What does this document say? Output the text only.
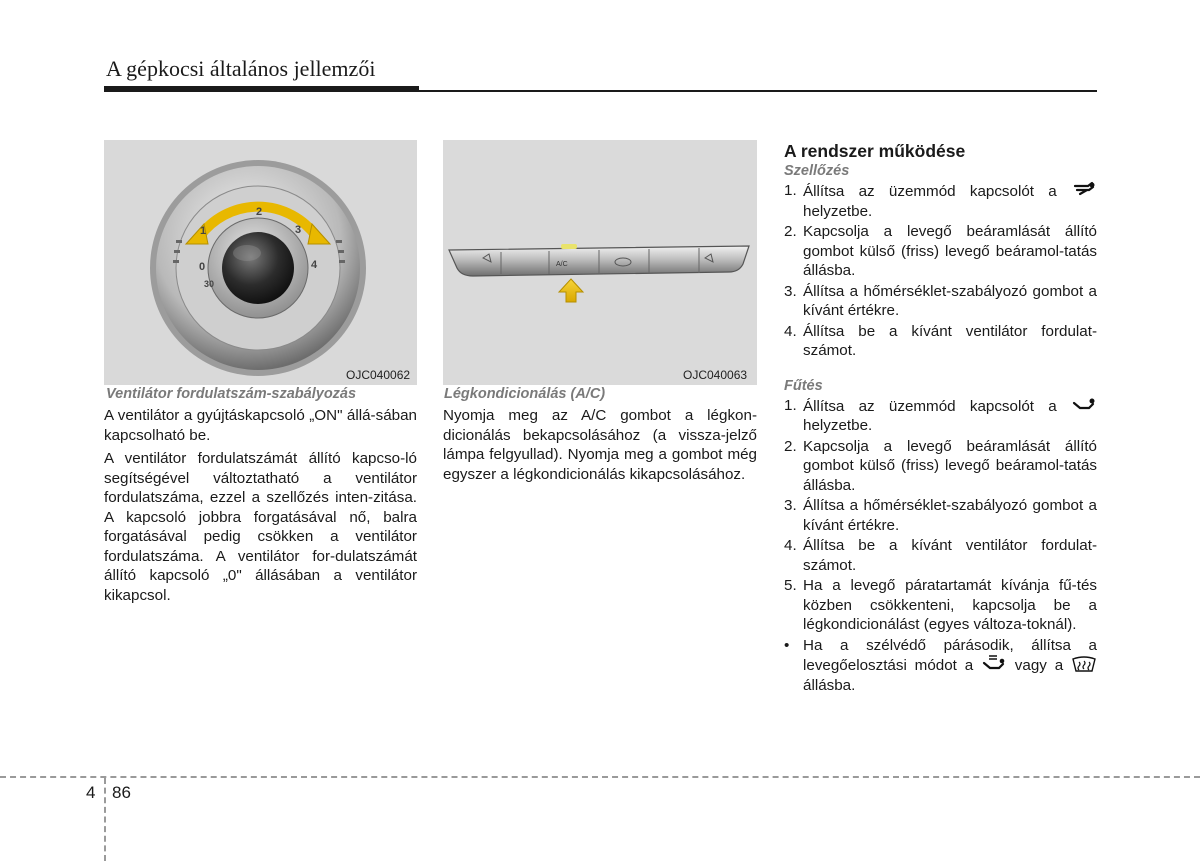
A gépkocsi általános jellemzői
1
2
3
4
0
30
OJC040062
Ventilátor fordulatszám-szabályozás

A ventilátor a gyújtáskapcsoló „ON" állá-sában kapcsolható be.

A ventilátor fordulatszámát állító kapcso-ló segítségével változtatható a ventilátor fordulatszáma, ezzel a szellőzés inten-zitása. A kapcsoló jobbra forgatásával nő, balra forgatásával pedig csökken a ventilátor fordulatszáma. A ventilátor for-dulatszámát állító kapcsoló „0" állásában a ventilátor kikapcsol.

A/C
OJC040063
Légkondicionálás (A/C)

Nyomja meg az A/C gombot a légkon-dicionálás bekapcsolásához (a vissza-jelző lámpa felgyullad). Nyomja meg a gombot még egyszer a légkondicionálás kikapcsolásához.

A rendszer működése
Szellőzés
1. Állítsa az üzemmód kapcsolót a  helyzetbe.
2. Kapcsolja a levegő beáramlását állító gombot külső (friss) levegő beáramol-tatás állásba.
3. Állítsa a hőmérséklet-szabályozó gombot a kívánt értékre.
4. Állítsa be a kívánt ventilátor fordulat-számot.
Fűtés
1. Állítsa az üzemmód kapcsolót a  helyzetbe.
2. Kapcsolja a levegő beáramlását állító gombot külső (friss) levegő beáramol-tatás állásba.
3. Állítsa a hőmérséklet-szabályozó gombot a kívánt értékre.
4. Állítsa be a kívánt ventilátor fordulat-számot.
5. Ha a levegő páratartamát kívánja fű-tés közben csökkenteni, kapcsolja be a légkondicionálást (egyes változa-toknál).
• Ha a szélvédő párásodik, állítsa a levegőelosztási módot a	vagy a  állásba.
4 86
